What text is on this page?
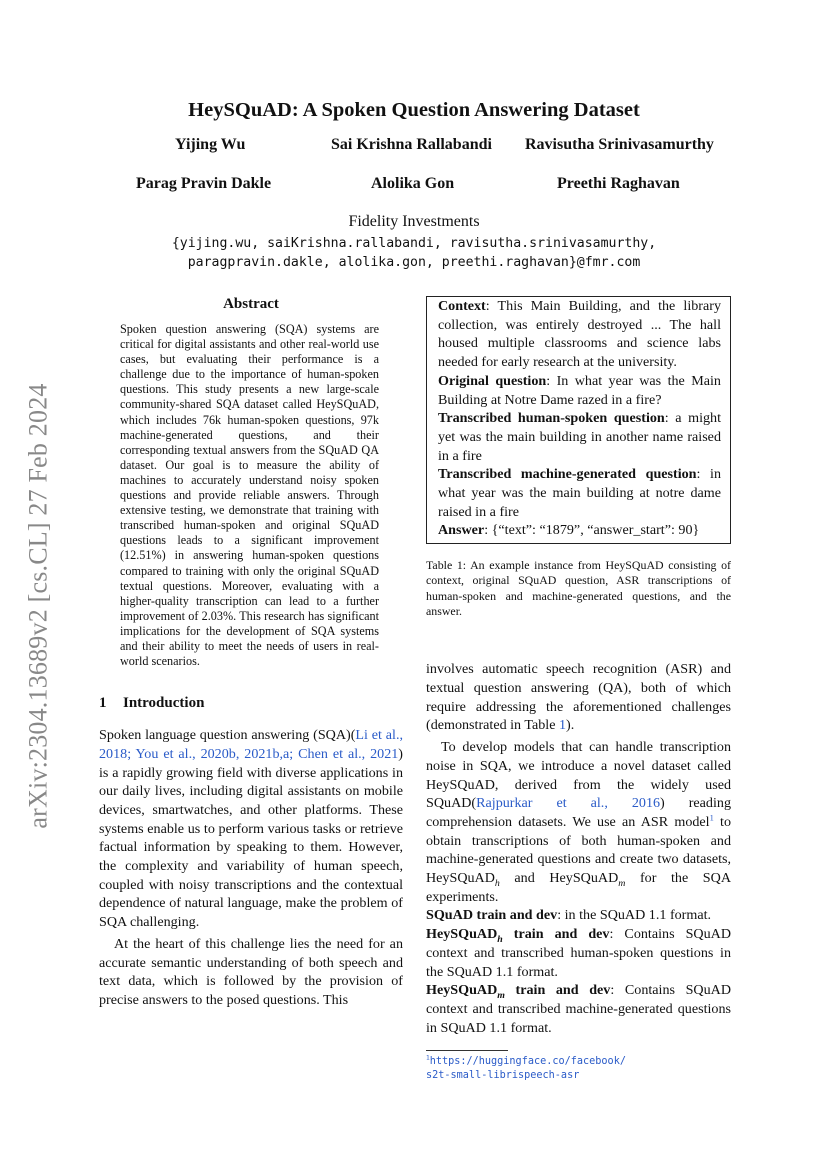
arXiv:2304.13689v2 [cs.CL] 27 Feb 2024
HeySQuAD: A Spoken Question Answering Dataset
Yijing Wu	Sai Krishna Rallabandi Ravisutha Srinivasamurthy
Parag Pravin Dakle	Alolika Gon	Preethi Raghavan
Fidelity Investments
{yijing.wu, saiKrishna.rallabandi, ravisutha.srinivasamurthy,
paragpravin.dakle, alolika.gon, preethi.raghavan}@fmr.com
Abstract

Spoken question answering (SQA) systems are critical for digital assistants and other real-world use cases, but evaluating their performance is a challenge due to the importance of human-spoken questions. This study presents a new large-scale community-shared SQA dataset called HeySQuAD, which includes 76k human-spoken questions, 97k machine-generated questions, and their corresponding textual answers from the SQuAD QA dataset. Our goal is to measure the ability of machines to accurately understand noisy spoken questions and provide reliable answers. Through extensive testing, we demonstrate that training with transcribed human-spoken and original SQuAD questions leads to a significant improvement (12.51%) in answering human-spoken questions compared to training with only the original SQuAD textual questions. Moreover, evaluating with a higher-quality transcription can lead to a further improvement of 2.03%. This research has significant implications for the development of SQA systems and their ability to meet the needs of users in real-world scenarios.

1 Introduction

Spoken language question answering (SQA)(Li et al., 2018; You et al., 2020b, 2021b,a; Chen et al., 2021) is a rapidly growing field with diverse applications in our daily lives, including digital assistants on mobile devices, smartwatches, and other platforms. These systems enable us to perform various tasks or retrieve factual information by speaking to them. However, the complexity and variability of human speech, coupled with noisy transcriptions and the contextual dependence of natural language, make the problem of SQA challenging.

At the heart of this challenge lies the need for an accurate semantic understanding of both speech and text data, which is followed by the provision of precise answers to the posed questions. This

Context: This Main Building, and the library collection, was entirely destroyed ... The hall housed multiple classrooms and science labs needed for early research at the university.

Original question: In what year was the Main Building at Notre Dame razed in a fire?

Transcribed human-spoken question: a might yet was the main building in another name raised in a fire

Transcribed machine-generated question: in what year was the main building at notre dame raised in a fire

Answer: {“text”: “1879”, “answer_start”: 90}

Table 1: An example instance from HeySQuAD consisting of context, original SQuAD question, ASR transcriptions of human-spoken and machine-generated questions, and the answer.

involves automatic speech recognition (ASR) and textual question answering (QA), both of which require addressing the aforementioned challenges (demonstrated in Table 1).

To develop models that can handle transcription noise in SQA, we introduce a novel dataset called HeySQuAD, derived from the widely used SQuAD(Rajpurkar et al., 2016) reading comprehension datasets. We use an ASR model$^1$ to obtain transcriptions of both human-spoken and machine-generated questions and create two datasets, HeySQuAD$_h$ and HeySQuAD$_m$ for the SQA experiments.

SQuAD train and dev: in the SQuAD 1.1 format.

HeySQuAD$_h$ train and dev: Contains SQuAD context and transcribed human-spoken questions in the SQuAD 1.1 format.

HeySQuAD$_m$ train and dev: Contains SQuAD context and transcribed machine-generated questions in SQuAD 1.1 format.

$^1$https://huggingface.co/facebook/
s2t-small-librispeech-asr
